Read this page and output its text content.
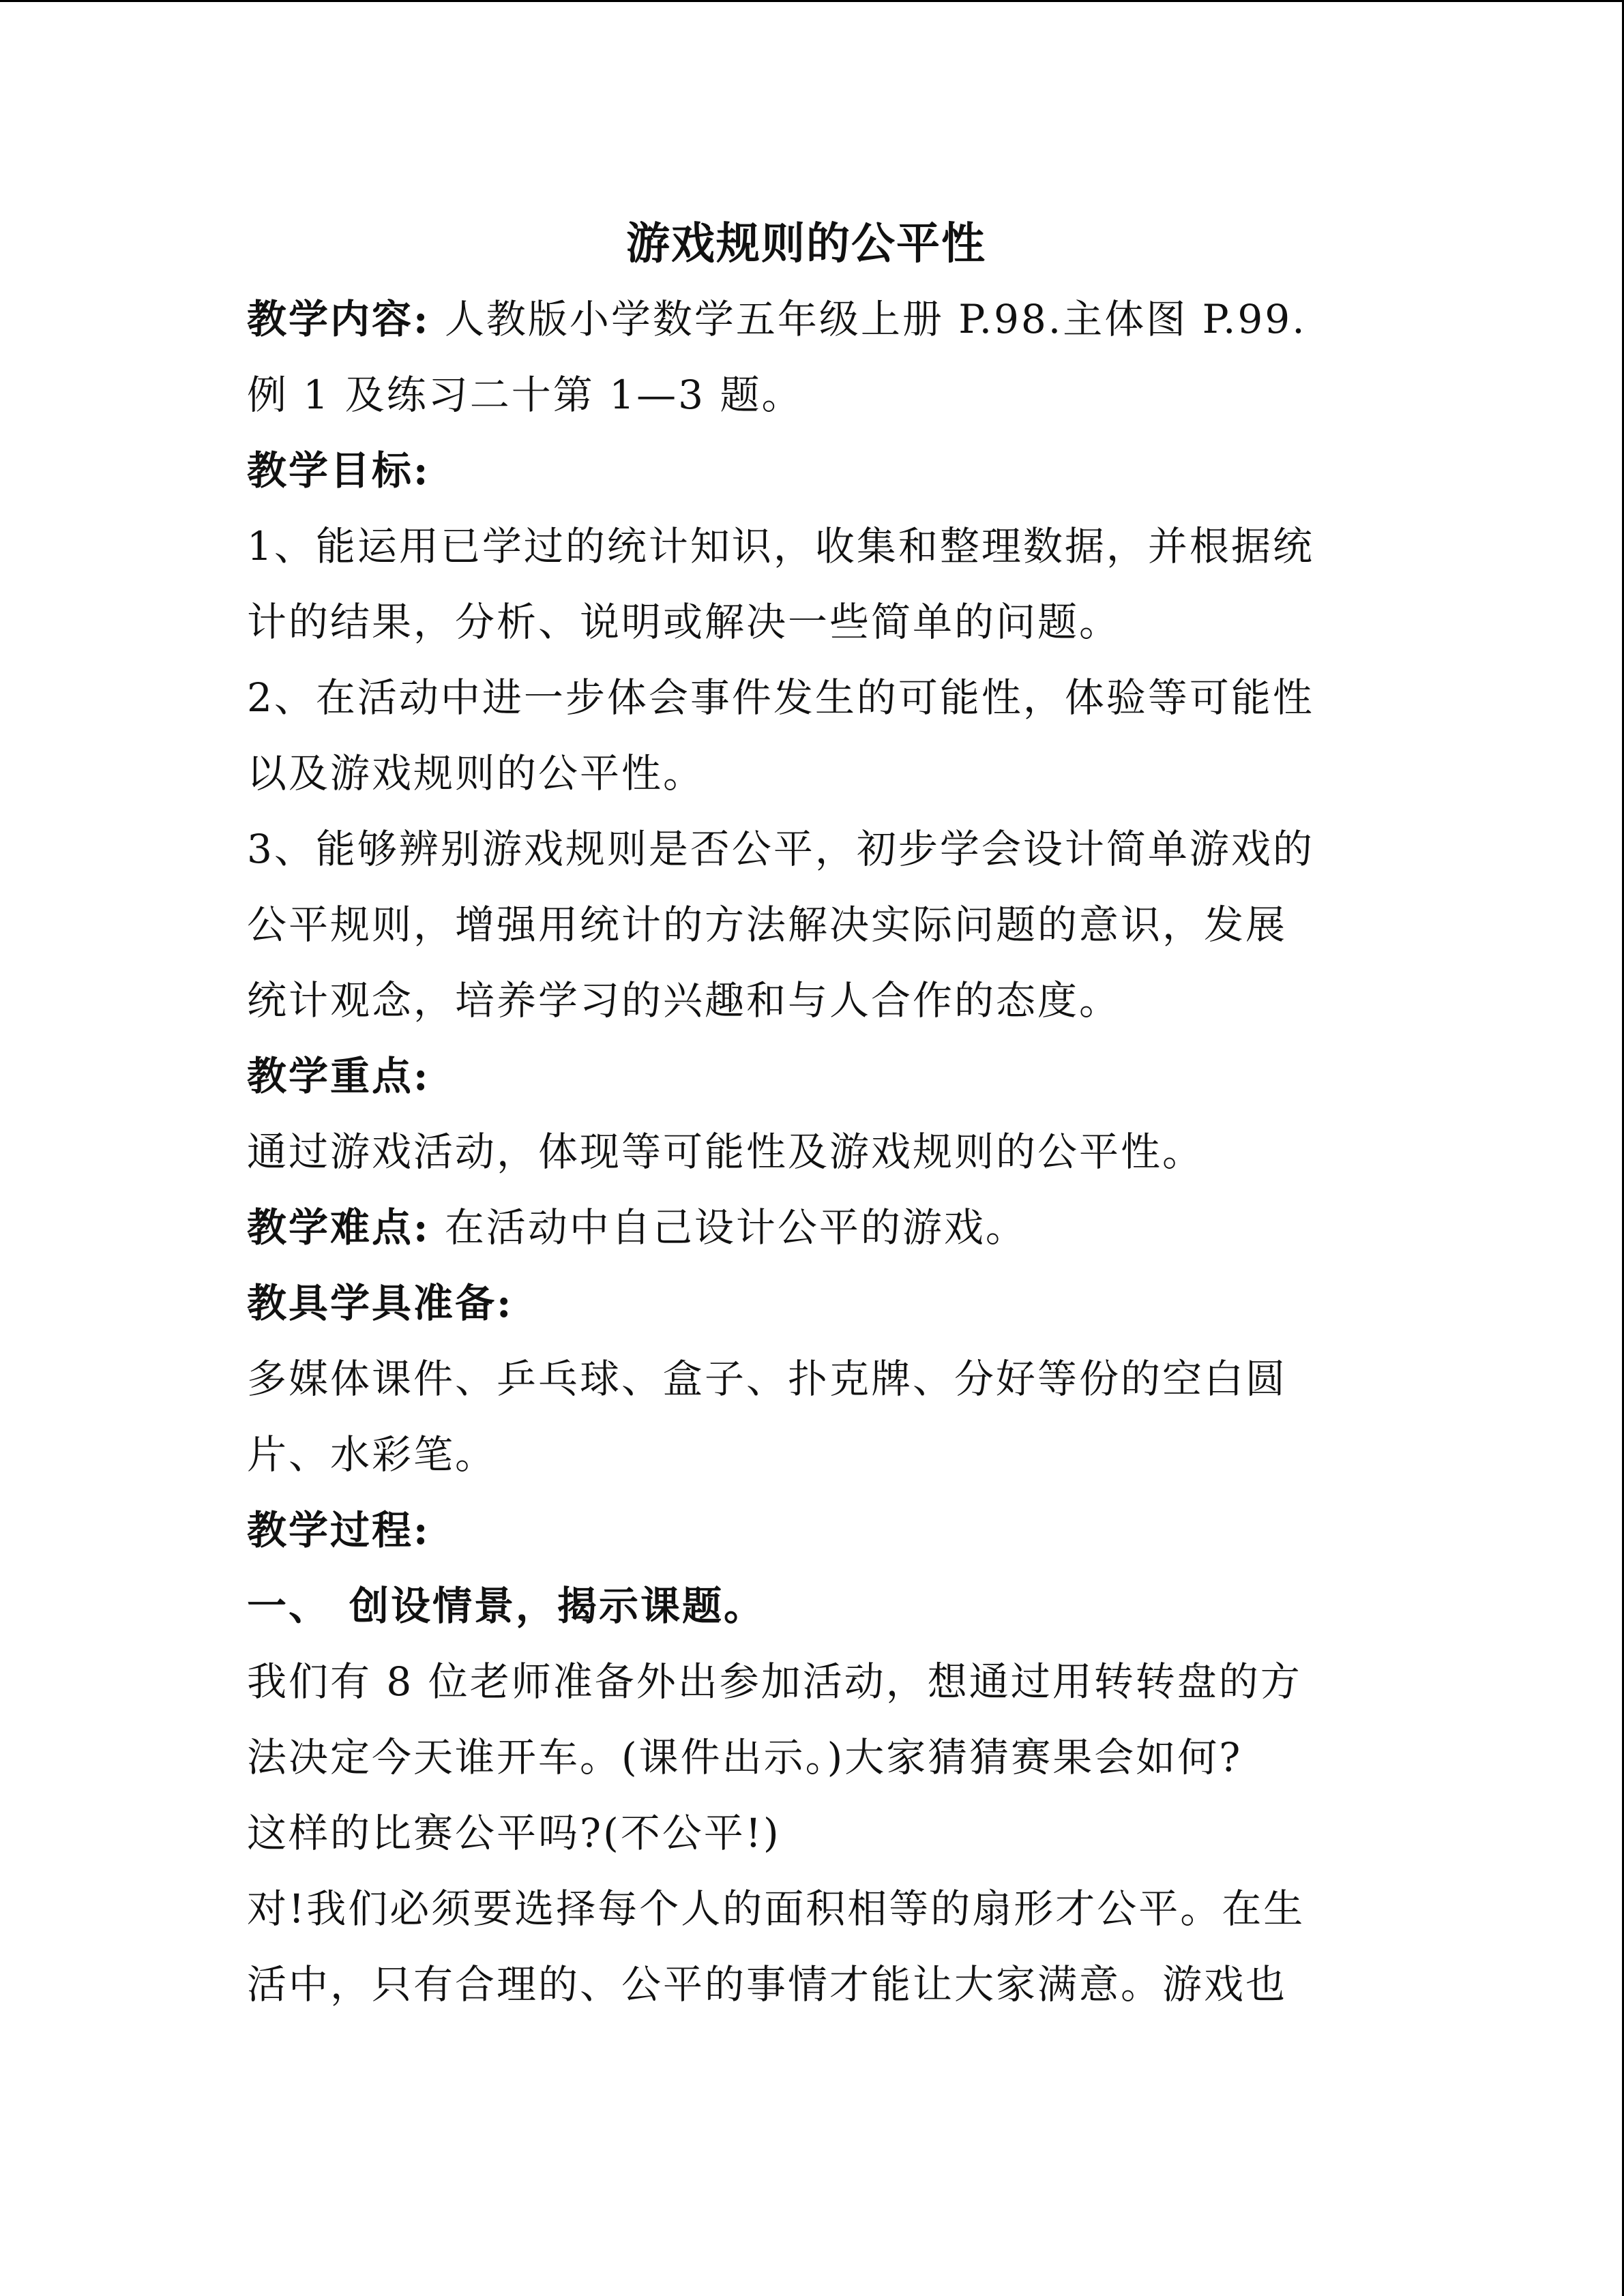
游戏规则的公平性

教学内容: 人教版小学数学五年级上册 P.98.主体图 P.99.

例 1 及练习二十第 1—3 题。

教学目标:

1、能运用已学过的统计知识，收集和整理数据，并根据统

计的结果，分析、说明或解决一些简单的问题。

2、在活动中进一步体会事件发生的可能性，体验等可能性

以及游戏规则的公平性。

3、能够辨别游戏规则是否公平，初步学会设计简单游戏的

公平规则，增强用统计的方法解决实际问题的意识，发展

统计观念，培养学习的兴趣和与人合作的态度。

教学重点:

通过游戏活动，体现等可能性及游戏规则的公平性。

教学难点: 在活动中自己设计公平的游戏。

教具学具准备:

多媒体课件、乒乓球、盒子、扑克牌、分好等份的空白圆

片、水彩笔。

教学过程:

一、 创设情景，揭示课题。

我们有 8 位老师准备外出参加活动，想通过用转转盘的方

法决定今天谁开车。(课件出示。)大家猜猜赛果会如何?

这样的比赛公平吗?(不公平!)

对!我们必须要选择每个人的面积相等的扇形才公平。在生

活中，只有合理的、公平的事情才能让大家满意。游戏也
